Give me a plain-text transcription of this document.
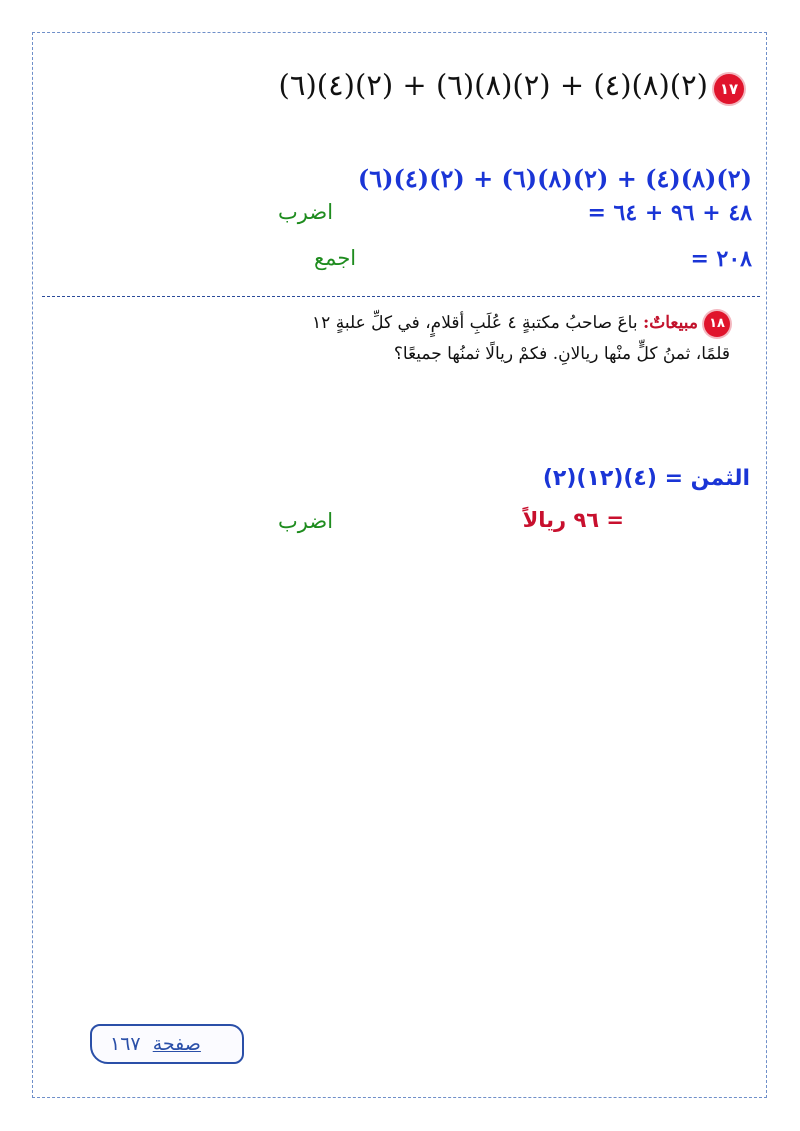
١٧
(٦)(٤)(٢) + (٦)(٨)(٢) + (٤)(٨)(٢)
(٦)(٤)(٢) + (٦)(٨)(٢) + (٤)(٨)(٢)
= ٤٨ + ٩٦ + ٦٤
اضرب
= ٢٠٨
اجمع
١٨مبيعاتٌ: باعَ صاحبُ مكتبةٍ ٤ عُلَبِ أقلامٍ، في كلِّ علبةٍ ١٢ قلمًا، ثمنُ كلٍّ منْها ريالانِ. فكمْ ريالًا ثمنُها جميعًا؟
الثمن = (٤)(١٢)(٢)
= ٩٦ ريالاً
اضرب
صفحة  ١٦٧
